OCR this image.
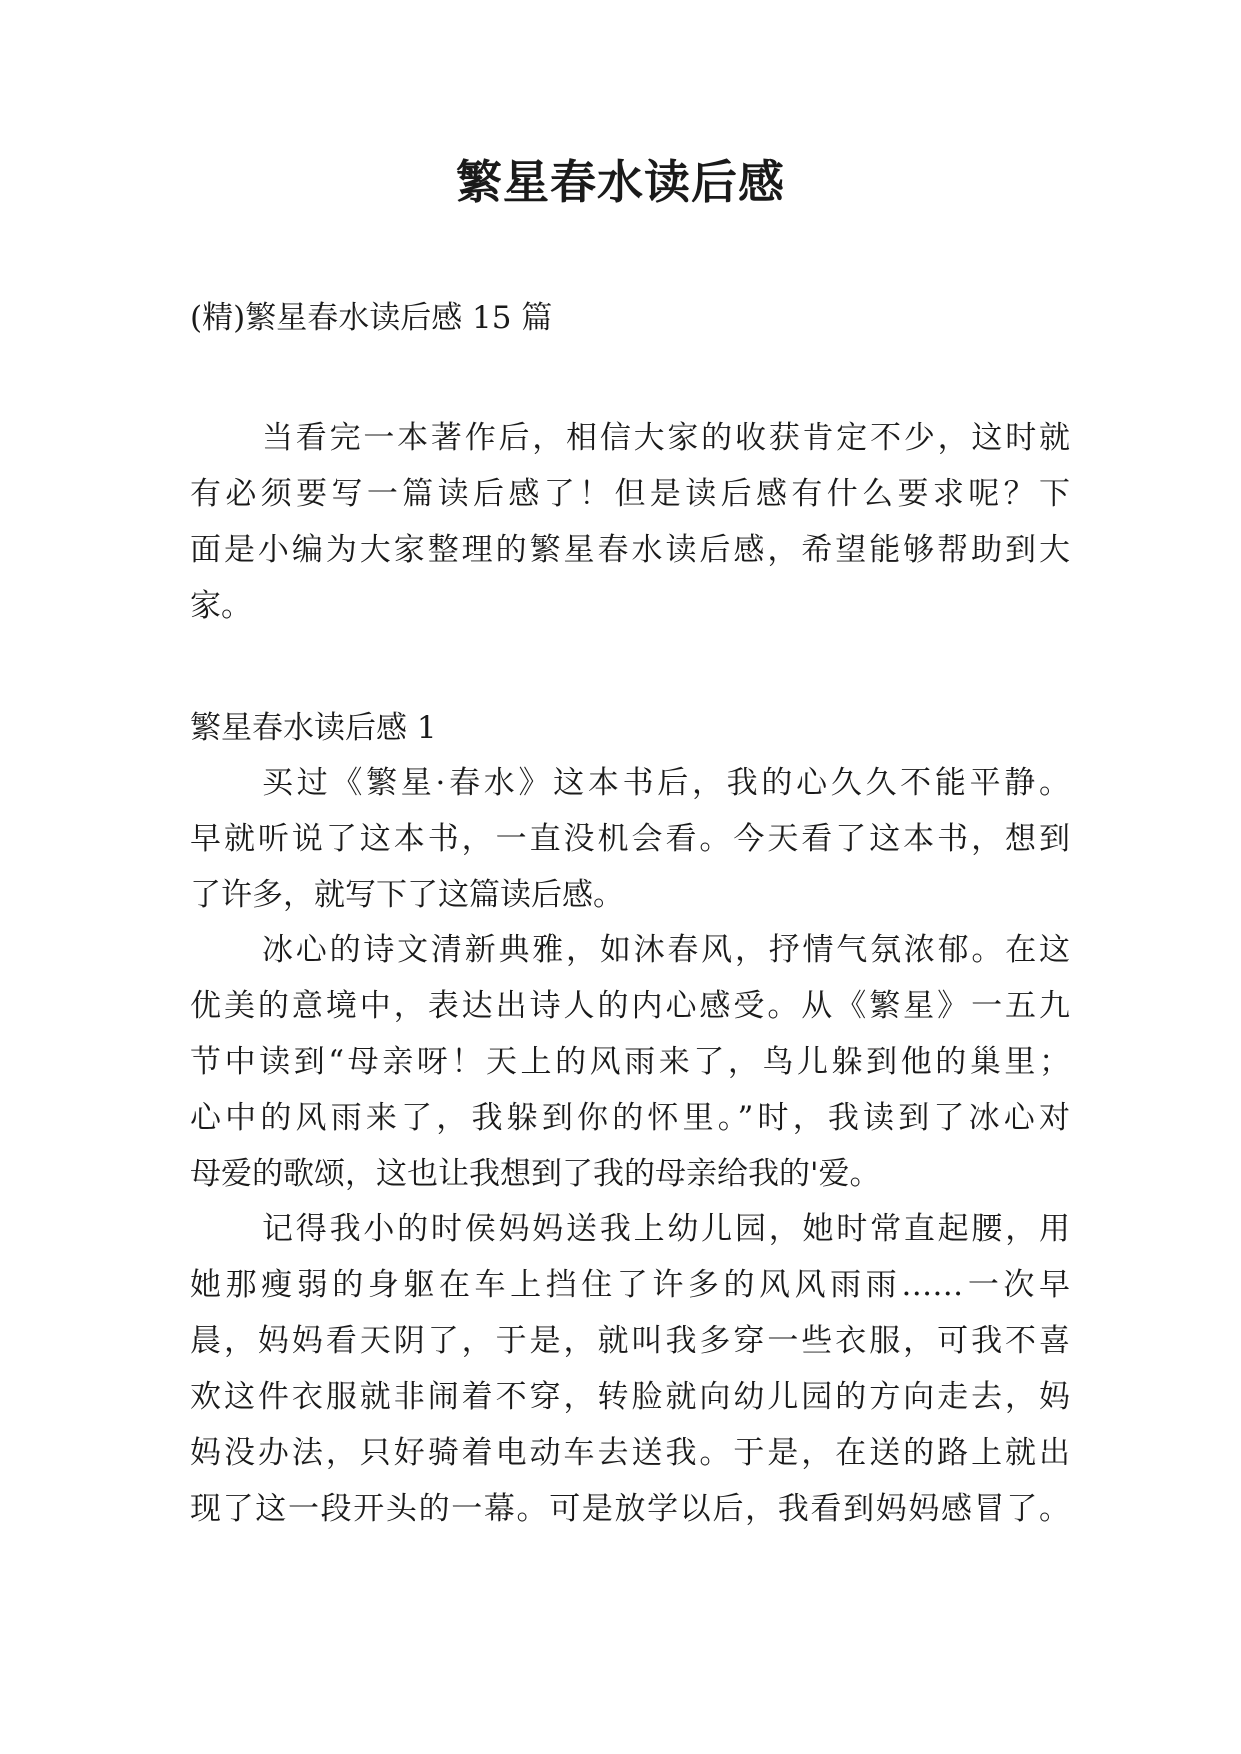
繁星春水读后感

(精)繁星春水读后感 15 篇

当看完一本著作后，相信大家的收获肯定不少，这时就
有必须要写一篇读后感了！但是读后感有什么要求呢？下
面是小编为大家整理的繁星春水读后感，希望能够帮助到大
家。

繁星春水读后感 1

买过《繁星·春水》这本书后，我的心久久不能平静。
早就听说了这本书，一直没机会看。今天看了这本书，想到
了许多，就写下了这篇读后感。
冰心的诗文清新典雅，如沐春风，抒情气氛浓郁。在这
优美的意境中，表达出诗人的内心感受。从《繁星》一五九
节中读到“母亲呀！天上的风雨来了，鸟儿躲到他的巢里；
心中的风雨来了，我躲到你的怀里。”时，我读到了冰心对
母爱的歌颂，这也让我想到了我的母亲给我的'爱。
记得我小的时侯妈妈送我上幼儿园，她时常直起腰，用
她那瘦弱的身躯在车上挡住了许多的风风雨雨……一次早
晨，妈妈看天阴了，于是，就叫我多穿一些衣服，可我不喜
欢这件衣服就非闹着不穿，转脸就向幼儿园的方向走去，妈
妈没办法，只好骑着电动车去送我。于是，在送的路上就出
现了这一段开头的一幕。可是放学以后，我看到妈妈感冒了。
